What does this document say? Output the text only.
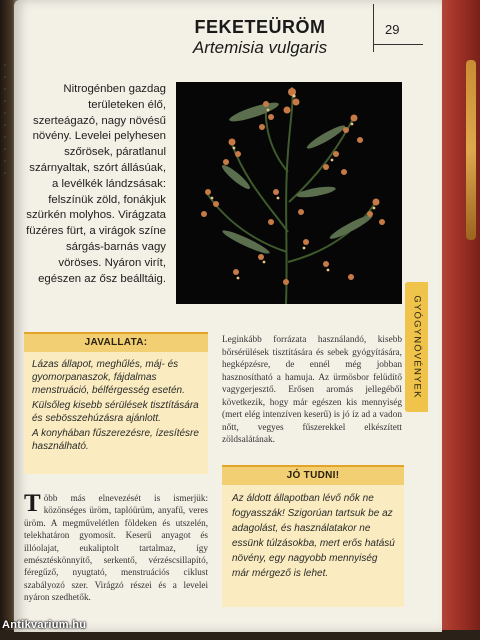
·
·
·
·
·
·
·
·
·
·
FEKETEÜRÖM
Artemisia vulgaris
29
Nitrogénben gazdag területeken élő, szerteágazó, nagy növésű növény. Levelei pelyhesen szőrösek, páratlanul szárnyaltak, szórt állásúak, a levélkék lándzsásak: felszínük zöld, fonákjuk szürkén molyhos. Virágzata füzéres fürt, a virágok színe sárgás-barnás vagy vöröses. Nyáron virít, egészen az ősz beálltáig.
GYÓGYNÖVÉNYEK
JAVALLATA:

Lázas állapot, meghűlés, máj- és gyomorpanaszok, fájdalmas menstruáció, bélférgesség esetén.

Külsőleg kisebb sérülések tisztítására és sebösszehúzásra ajánlott.

A konyhában fűszerezésre, ízesítésre használható.

Leginkább forrázata használandó, kisebb bőrsérülések tisztítására és sebek gyógyítására, hegképzésre, de ennél még jobban hasznosítható a hamuja. Az ürmösbor felüdítő vagygerjesztő. Erősen aromás jellegéből következik, hogy már egészen kis mennyiség (mert elég intenzíven keserű) is jó íz ad a vadon nőtt, vegyes fűszerekkel elkészített zöldsalátának.

T öbb más elnevezését is ismerjük: közönséges üröm, taplóürüm, anyafű, veres üröm. A megművelétlen földeken és utszelén, telekhatáron gyomosít. Keserű anyagot és illóolajat, eukaliptolt tartalmaz, így emésztéskönnyítő, serkentő, vérzéscsillapító, féregűző, nyugtató, menstruációs ciklust szabályozó szer. Virágzó részei és a levelei nyáron szedhetők.

JÓ TUDNI!

Az áldott állapotban lévő nők ne fogyasszák! Szigorúan tartsuk be az adagolást, és használatakor ne essünk túlzásokba, mert erős hatású növény, egy nagyobb mennyiség már mérgező is lehet.

Antikvarium.hu
